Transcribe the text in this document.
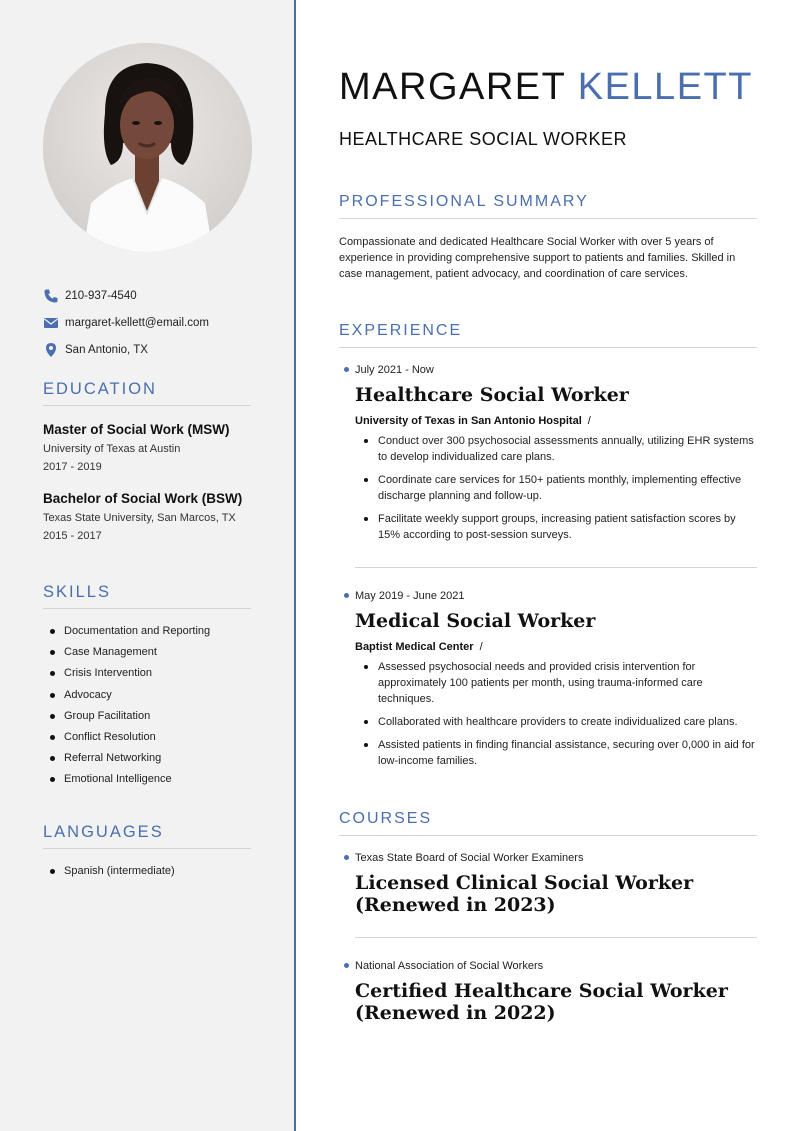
210-937-4540
margaret-kellett@email.com
San Antonio, TX
EDUCATION
Master of Social Work (MSW)
University of Texas at Austin
2017 - 2019
Bachelor of Social Work (BSW)
Texas State University, San Marcos, TX
2015 - 2017
SKILLS
Documentation and Reporting
Case Management
Crisis Intervention
Advocacy
Group Facilitation
Conflict Resolution
Referral Networking
Emotional Intelligence
LANGUAGES
Spanish (intermediate)
MARGARET KELLETT
HEALTHCARE SOCIAL WORKER
PROFESSIONAL SUMMARY
Compassionate and dedicated Healthcare Social Worker with over 5 years of experience in providing comprehensive support to patients and families. Skilled in case management, patient advocacy, and coordination of care services.
EXPERIENCE
July 2021 - Now
Healthcare Social Worker
University of Texas in San Antonio Hospital /
Conduct over 300 psychosocial assessments annually, utilizing EHR systems to develop individualized care plans.
Coordinate care services for 150+ patients monthly, implementing effective discharge planning and follow-up.
Facilitate weekly support groups, increasing patient satisfaction scores by 15% according to post-session surveys.
May 2019 - June 2021
Medical Social Worker
Baptist Medical Center /
Assessed psychosocial needs and provided crisis intervention for approximately 100 patients per month, using trauma-informed care techniques.
Collaborated with healthcare providers to create individualized care plans.
Assisted patients in finding financial assistance, securing over 0,000 in aid for low-income families.
COURSES
Texas State Board of Social Worker Examiners
Licensed Clinical Social Worker
(Renewed in 2023)
National Association of Social Workers
Certified Healthcare Social Worker
(Renewed in 2022)
